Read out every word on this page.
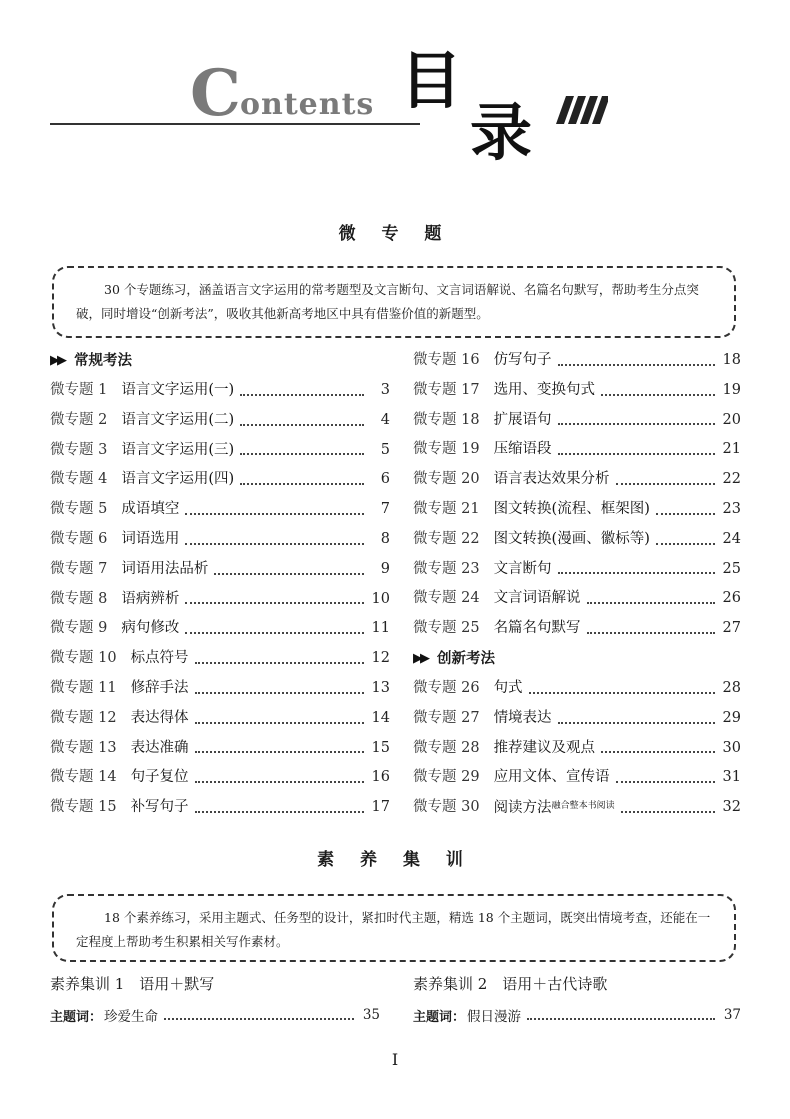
C ontents 目
录
微 专 题
30 个专题练习，涵盖语言文字运用的常考题型及文言断句、文言词语解说、名篇名句默写，帮助考生分点突破，同时增设“创新考法”，吸收其他新高考地区中具有借鉴价值的新题型。
▶▶ 常规考法
微专题 1 语言文字运用(一)	3
微专题 2 语言文字运用(二)	4
微专题 3 语言文字运用(三)	5
微专题 4 语言文字运用(四)	6
微专题 5 成语填空	7
微专题 6 词语选用	8
微专题 7 词语用法品析	9
微专题 8 语病辨析	10
微专题 9 病句修改	11
微专题 10 标点符号	12
微专题 11 修辞手法	13
微专题 12 表达得体	14
微专题 13 表达准确	15
微专题 14 句子复位	16
微专题 15 补写句子	17
微专题 16 仿写句子	18
微专题 17 选用、变换句式	19
微专题 18 扩展语句	20
微专题 19 压缩语段	21
微专题 20 语言表达效果分析	22
微专题 21 图文转换(流程、框架图)	23
微专题 22 图文转换(漫画、徽标等)	24
微专题 23 文言断句	25
微专题 24 文言词语解说	26
微专题 25 名篇名句默写	27
▶▶ 创新考法
微专题 26 句式	28
微专题 27 情境表达	29
微专题 28 推荐建议及观点	30
微专题 29 应用文体、宣传语	31
微专题 30 阅读方法$^{融合整本书阅读}$	32
素 养 集 训
18 个素养练习，采用主题式、任务型的设计，紧扣时代主题，精选 18 个主题词，既突出情境考查，还能在一定程度上帮助考生积累相关写作素材。
素养集训 1　语用＋默写
主题词： 珍爱生命	35
素养集训 2　语用＋古代诗歌
主题词： 假日漫游	37
I
